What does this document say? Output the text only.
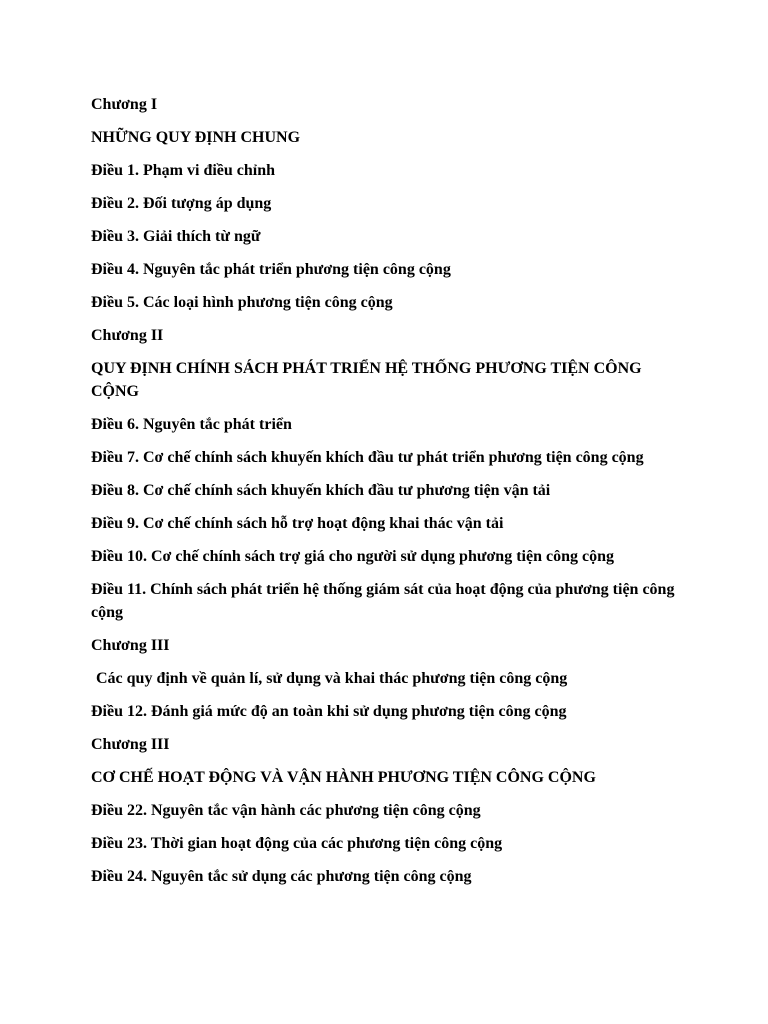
Chương I

NHỮNG QUY ĐỊNH CHUNG

Điều 1. Phạm vi điều chỉnh

Điều 2. Đối tượng áp dụng

Điều 3. Giải thích từ ngữ

Điều 4. Nguyên tắc phát triển phương tiện công cộng

Điều 5. Các loại hình phương tiện công cộng

Chương II

QUY ĐỊNH CHÍNH SÁCH PHÁT TRIỂN HỆ THỐNG PHƯƠNG TIỆN CÔNG CỘNG

Điều 6. Nguyên tắc phát triển

Điều 7. Cơ chế chính sách khuyến khích đầu tư phát triển phương tiện công cộng

Điều 8. Cơ chế chính sách khuyến khích đầu tư phương tiện vận tải

Điều 9. Cơ chế chính sách hỗ trợ hoạt động khai thác vận tải

Điều 10. Cơ chế chính sách trợ giá cho người sử dụng phương tiện công cộng

Điều 11. Chính sách phát triển hệ thống giám sát của hoạt động của phương tiện công cộng

Chương III

Các quy định về quản lí, sử dụng và khai thác phương tiện công cộng

Điều 12. Đánh giá mức độ an toàn khi sử dụng phương tiện công cộng

Chương III

CƠ CHẾ HOẠT ĐỘNG VÀ VẬN HÀNH PHƯƠNG TIỆN CÔNG CỘNG

Điều 22. Nguyên tắc vận hành các phương tiện công cộng

Điều 23. Thời gian hoạt động của các phương tiện công cộng

Điều 24. Nguyên tắc sử dụng các phương tiện công cộng
